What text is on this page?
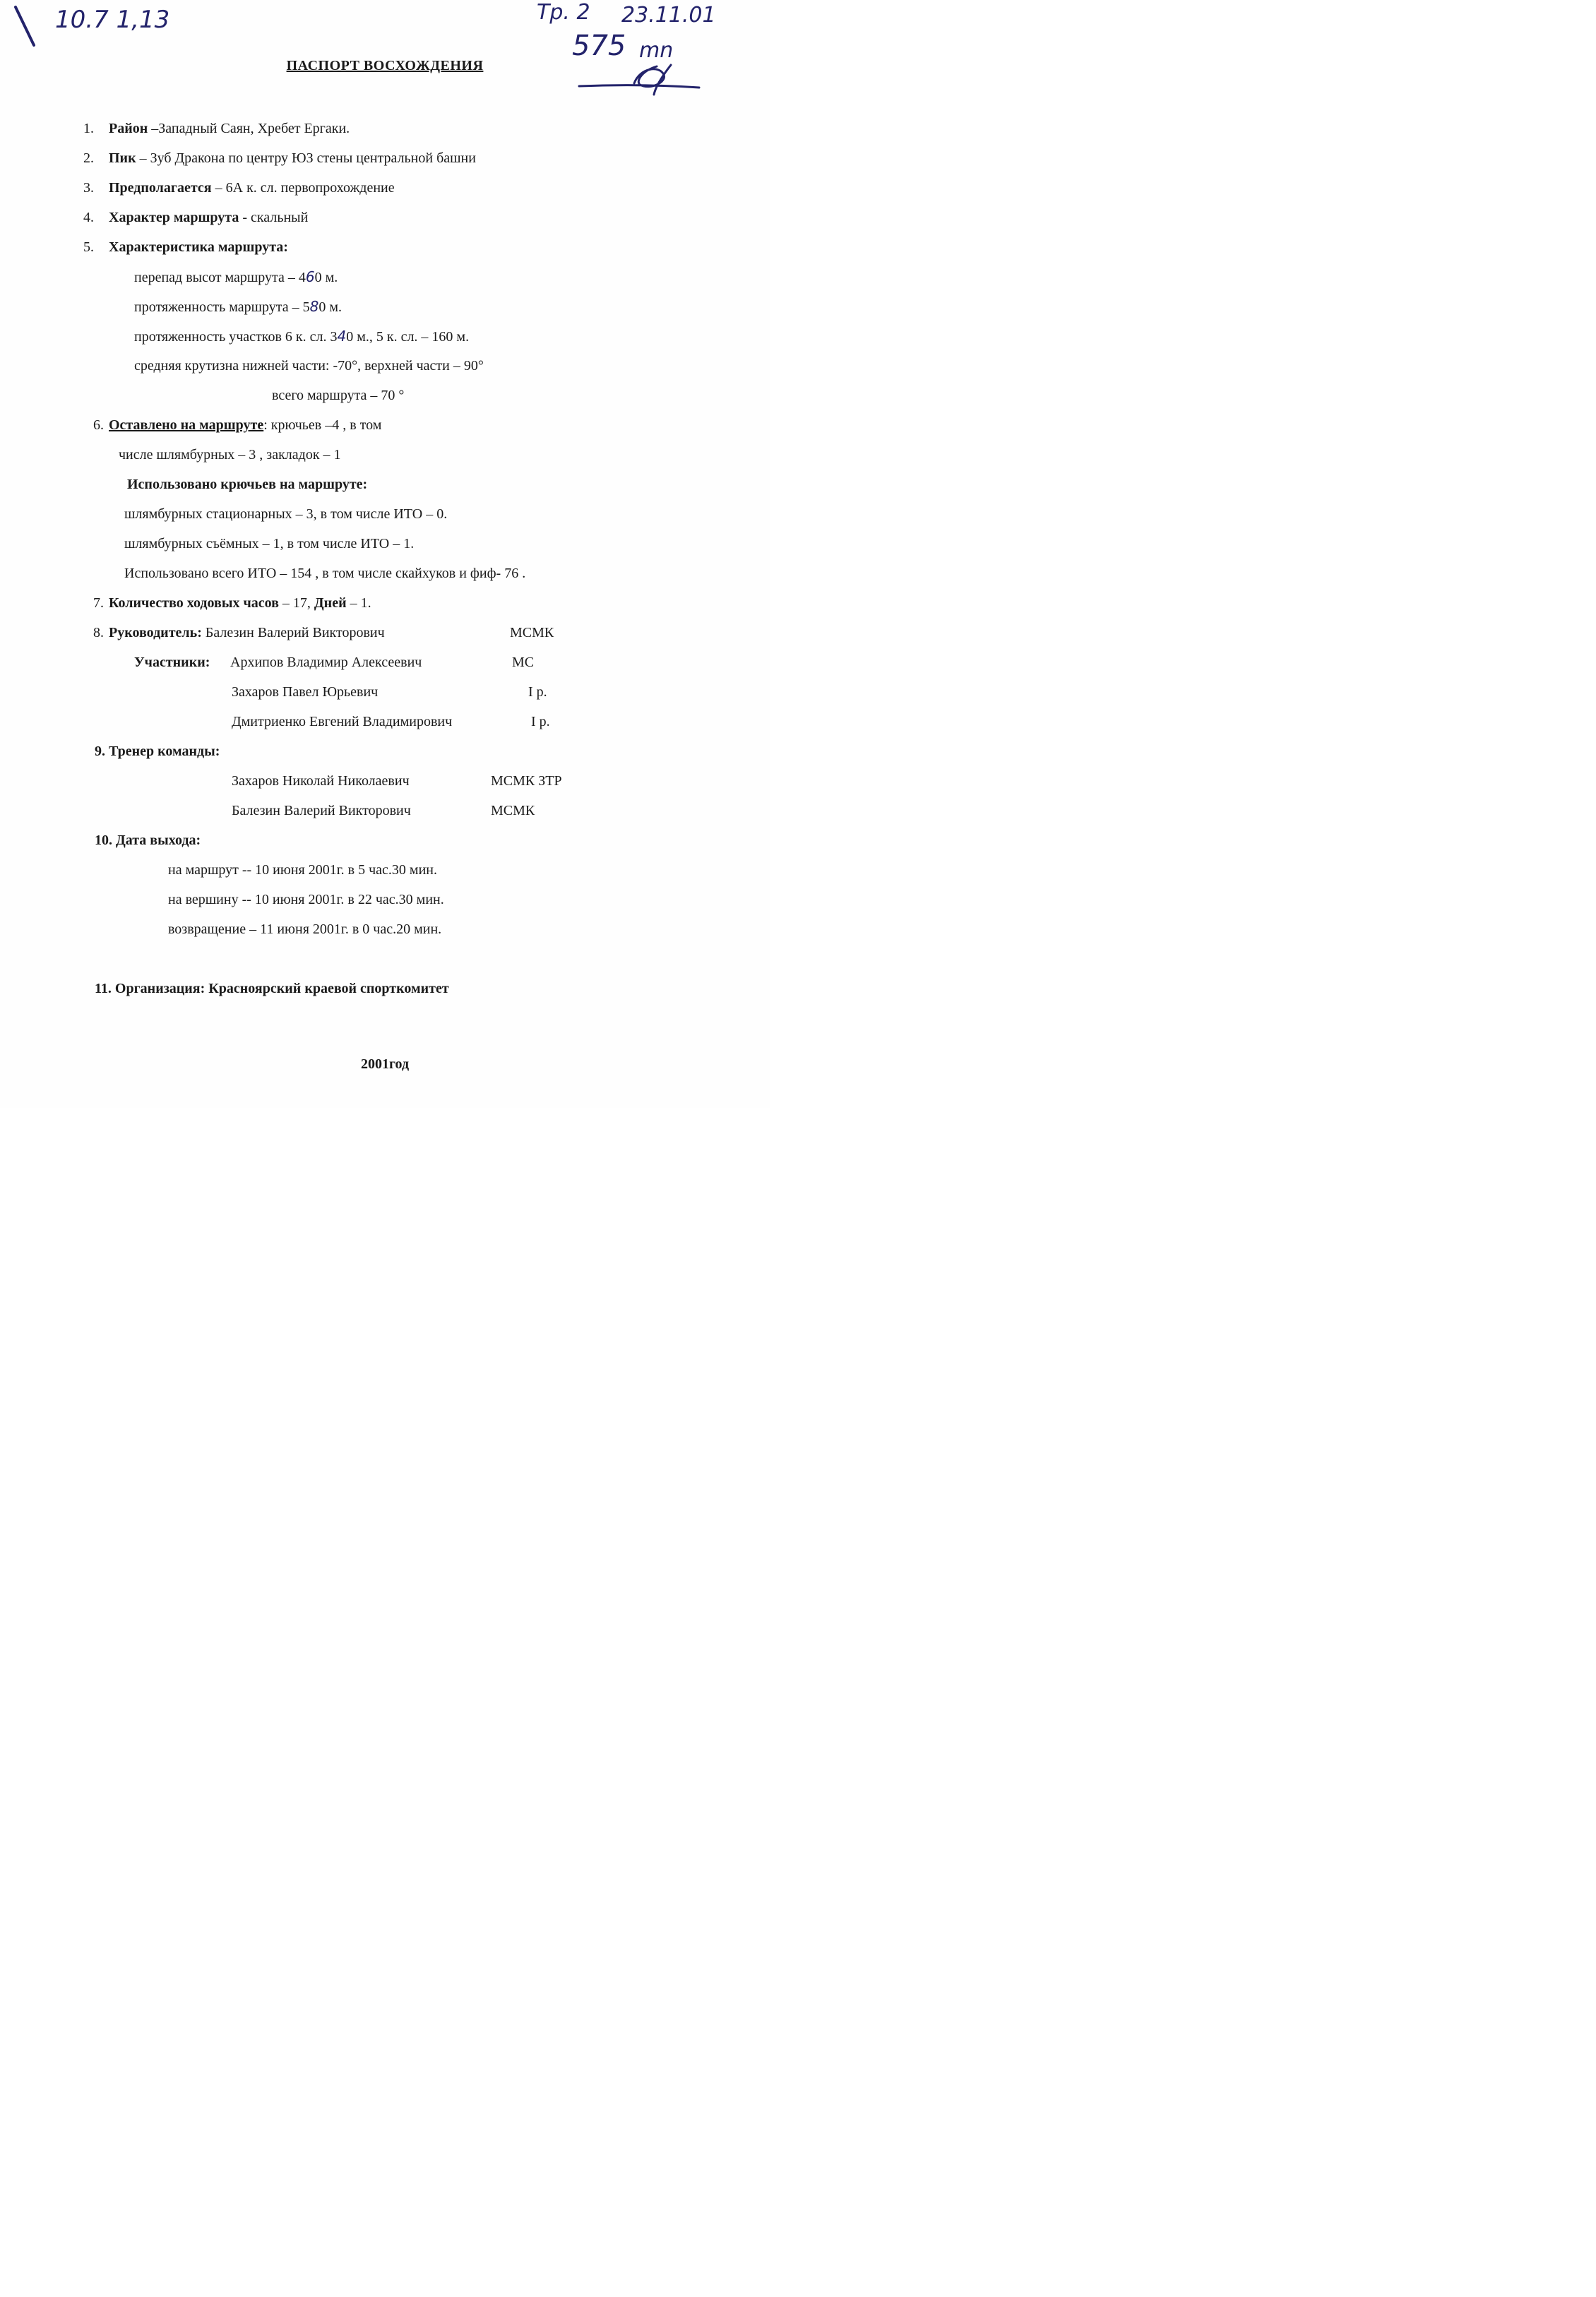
10.7 1,13	Тр. 2 23.11.01
575 mn
ПАСПОРТ ВОСХОЖДЕНИЯ
1. Район –Западный Саян, Хребет Ергаки.
2. Пик – Зуб Дракона по центру ЮЗ стены центральной башни
3. Предполагается – 6А к. сл. первопрохождение
4. Характер маршрута - скальный
5. Характеристика маршрута:
перепад высот маршрута – 460 м.
протяженность маршрута – 580 м.
протяженность участков 6 к. сл. 340 м., 5 к. сл. – 160 м.
средняя крутизна нижней части: -70°, верхней части – 90°
всего маршрута – 70 °
6. Оставлено на маршруте: крючьев –4 , в том
числе шлямбурных – 3 , закладок – 1
Использовано крючьев на маршруте:
шлямбурных стационарных – 3, в том числе ИТО – 0.
шлямбурных съёмных – 1, в том числе ИТО – 1.
Использовано всего ИТО – 154 , в том числе скайхуков и фиф- 76 .
7. Количество ходовых часов – 17, Дней – 1.
8. Руководитель: Балезин Валерий Викторович	МСМК
Участники: Архипов Владимир Алексеевич	МС
Захаров Павел Юрьевич	I р.
Дмитриенко Евгений Владимирович	I р.
9. Тренер команды:
Захаров Николай Николаевич	МСМК ЗТР
Балезин Валерий Викторович	МСМК
10. Дата выхода:
на маршрут -- 10 июня 2001г. в 5 час.30 мин.
на вершину -- 10 июня 2001г. в 22 час.30 мин.
возвращение – 11 июня 2001г. в 0 час.20 мин.
11. Организация: Красноярский краевой спорткомитет
2001год
